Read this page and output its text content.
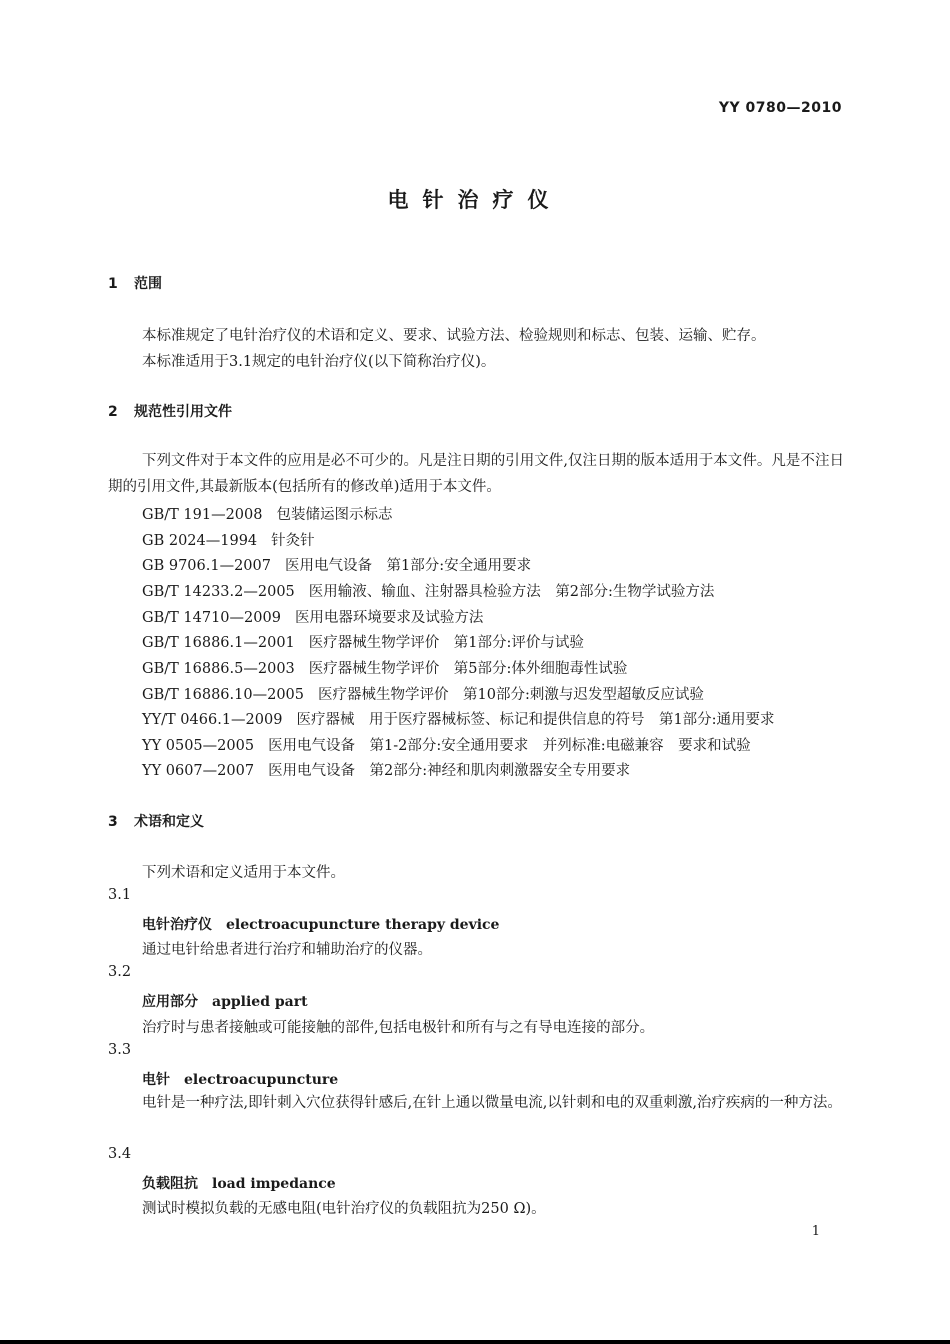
YY 0780—2010
电针治疗仪
1 范围
本标准规定了电针治疗仪的术语和定义、要求、试验方法、检验规则和标志、包装、运输、贮存。
本标准适用于3.1规定的电针治疗仪(以下简称治疗仪)。
2 规范性引用文件
下列文件对于本文件的应用是必不可少的。凡是注日期的引用文件,仅注日期的版本适用于本文件。凡是不注日期的引用文件,其最新版本(包括所有的修改单)适用于本文件。
GB/T 191—2008 包装储运图示标志
GB 2024—1994 针灸针
GB 9706.1—2007 医用电气设备　第1部分:安全通用要求
GB/T 14233.2—2005 医用输液、输血、注射器具检验方法　第2部分:生物学试验方法
GB/T 14710—2009 医用电器环境要求及试验方法
GB/T 16886.1—2001 医疗器械生物学评价　第1部分:评价与试验
GB/T 16886.5—2003 医疗器械生物学评价　第5部分:体外细胞毒性试验
GB/T 16886.10—2005 医疗器械生物学评价　第10部分:刺激与迟发型超敏反应试验
YY/T 0466.1—2009 医疗器械　用于医疗器械标签、标记和提供信息的符号　第1部分:通用要求
YY 0505—2005 医用电气设备　第1-2部分:安全通用要求　并列标准:电磁兼容　要求和试验
YY 0607—2007 医用电气设备　第2部分:神经和肌肉刺激器安全专用要求
3 术语和定义
下列术语和定义适用于本文件。
3.1
电针治疗仪 electroacupuncture therapy device
通过电针给患者进行治疗和辅助治疗的仪器。
3.2
应用部分 applied part
治疗时与患者接触或可能接触的部件,包括电极针和所有与之有导电连接的部分。
3.3
电针 electroacupuncture
电针是一种疗法,即针刺入穴位获得针感后,在针上通以微量电流,以针刺和电的双重刺激,治疗疾病的一种方法。
3.4
负载阻抗 load impedance
测试时模拟负载的无感电阻(电针治疗仪的负载阻抗为250 Ω)。
1
